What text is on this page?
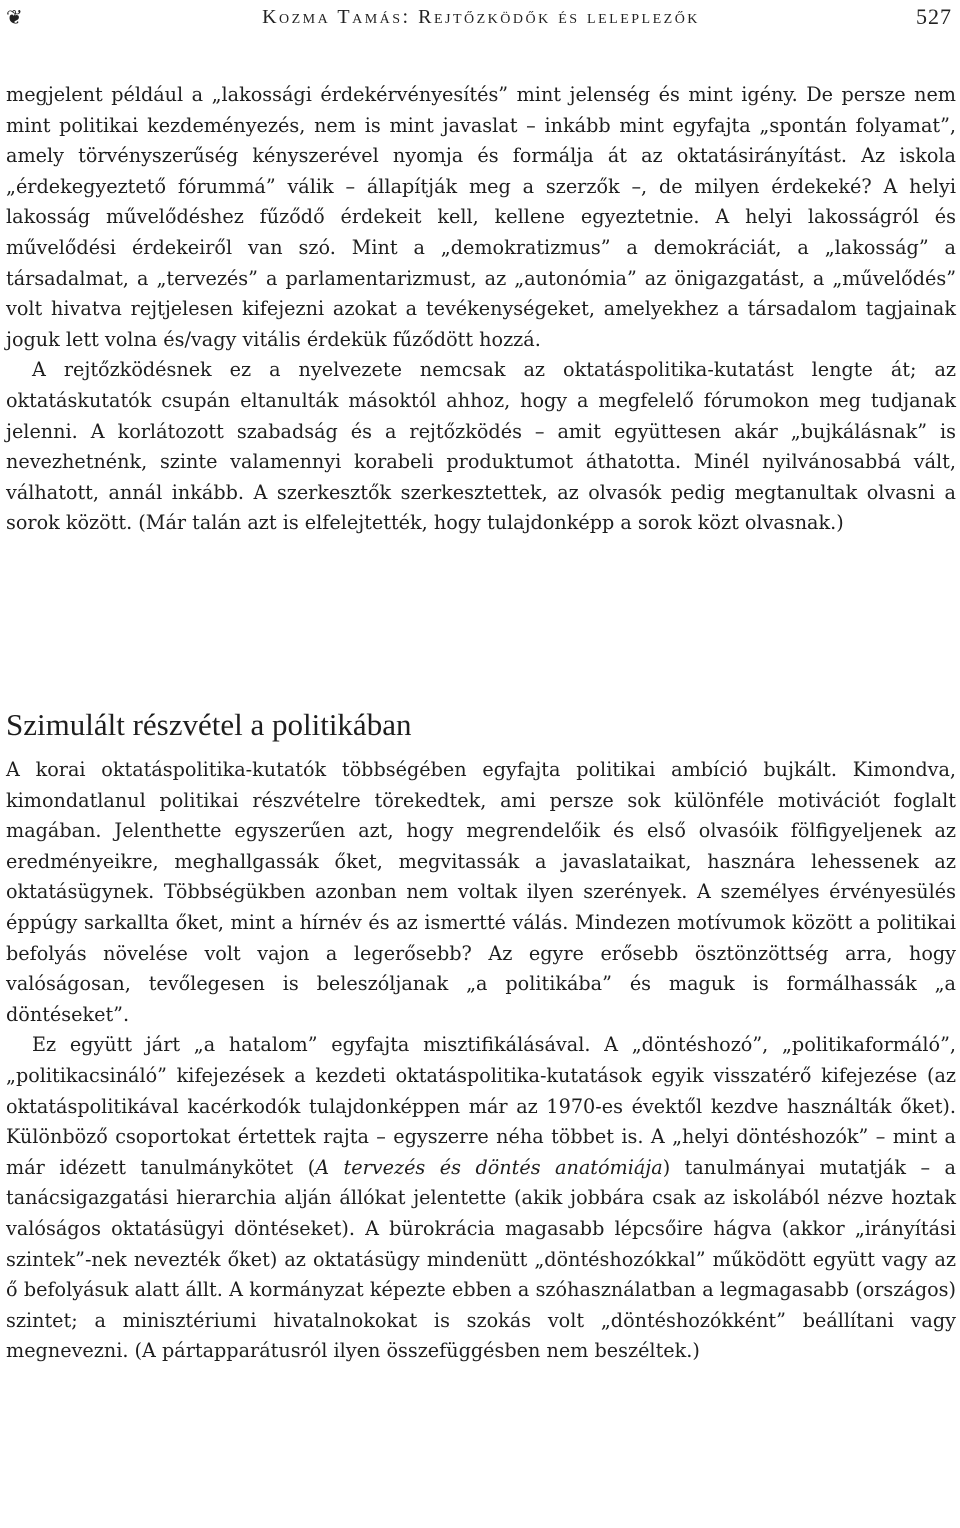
❦	Kozma Tamás: Rejtőzködők és leleplezők	527

megjelent például a „lakossági érdekérvényesítés” mint jelenség és mint igény. De persze nem mint politikai kezdeményezés, nem is mint javaslat – inkább mint egyfajta „spontán folyamat”, amely törvényszerűség kényszerével nyomja és formálja át az oktatásirányítást. Az iskola „érdekegyeztető fórummá” válik – állapítják meg a szerzők –, de milyen érdekeké? A helyi lakosság művelődéshez fűződő érdekeit kell, kellene egyeztetnie. A helyi lakosságról és művelődési érdekeiről van szó. Mint a „demokratizmus” a demokráciát, a „lakosság” a társadalmat, a „tervezés” a parlamentarizmust, az „autonómia” az önigazgatást, a „művelődés” volt hivatva rejtjelesen kifejezni azokat a tevékenységeket, amelyekhez a társadalom tagjainak joguk lett volna és/vagy vitális érdekük fűződött hozzá.

A rejtőzködésnek ez a nyelvezete nemcsak az oktatáspolitika-kutatást lengte át; az oktatáskutatók csupán eltanulták másoktól ahhoz, hogy a megfelelő fórumokon meg tudjanak jelenni. A korlátozott szabadság és a rejtőzködés – amit együttesen akár „bujkálásnak” is nevezhetnénk, szinte valamennyi korabeli produktumot áthatotta. Minél nyilvánosabbá vált, válhatott, annál inkább. A szerkesztők szerkesztettek, az olvasók pedig megtanultak olvasni a sorok között. (Már talán azt is elfelejtették, hogy tulajdonképp a sorok közt olvasnak.)

Szimulált részvétel a politikában

A korai oktatáspolitika-kutatók többségében egyfajta politikai ambíció bujkált. Kimondva, kimondatlanul politikai részvételre törekedtek, ami persze sok különféle motivációt foglalt magában. Jelenthette egyszerűen azt, hogy megrendelőik és első olvasóik fölfigyeljenek az eredményeikre, meghallgassák őket, megvitassák a javaslataikat, hasznára lehessenek az oktatásügynek. Többségükben azonban nem voltak ilyen szerények. A személyes érvényesülés éppúgy sarkallta őket, mint a hírnév és az ismertté válás. Mindezen motívumok között a politikai befolyás növelése volt vajon a legerősebb? Az egyre erősebb ösztönzöttség arra, hogy valóságosan, tevőlegesen is beleszóljanak „a politikába” és maguk is formálhassák „a döntéseket”.

Ez együtt járt „a hatalom” egyfajta misztifikálásával. A „döntéshozó”, „politikaformáló”, „politikacsináló” kifejezések a kezdeti oktatáspolitika-kutatások egyik visszatérő kifejezése (az oktatáspolitikával kacérkodók tulajdonképpen már az 1970-es évektől kezdve használták őket). Különböző csoportokat értettek rajta – egyszerre néha többet is. A „helyi döntéshozók” – mint a már idézett tanulmánykötet (A tervezés és döntés anatómiája) tanulmányai mutatják – a tanácsigazgatási hierarchia alján állókat jelentette (akik jobbára csak az iskolából nézve hoztak valóságos oktatásügyi döntéseket). A bürokrácia magasabb lépcsőire hágva (akkor „irányítási szintek”-nek nevezték őket) az oktatásügy mindenütt „döntéshozókkal” működött együtt vagy az ő befolyásuk alatt állt. A kormányzat képezte ebben a szóhasználatban a legmagasabb (országos) szintet; a minisztériumi hivatalnokokat is szokás volt „döntéshozókként” beállítani vagy megnevezni. (A pártapparátusról ilyen összefüggésben nem beszéltek.)
